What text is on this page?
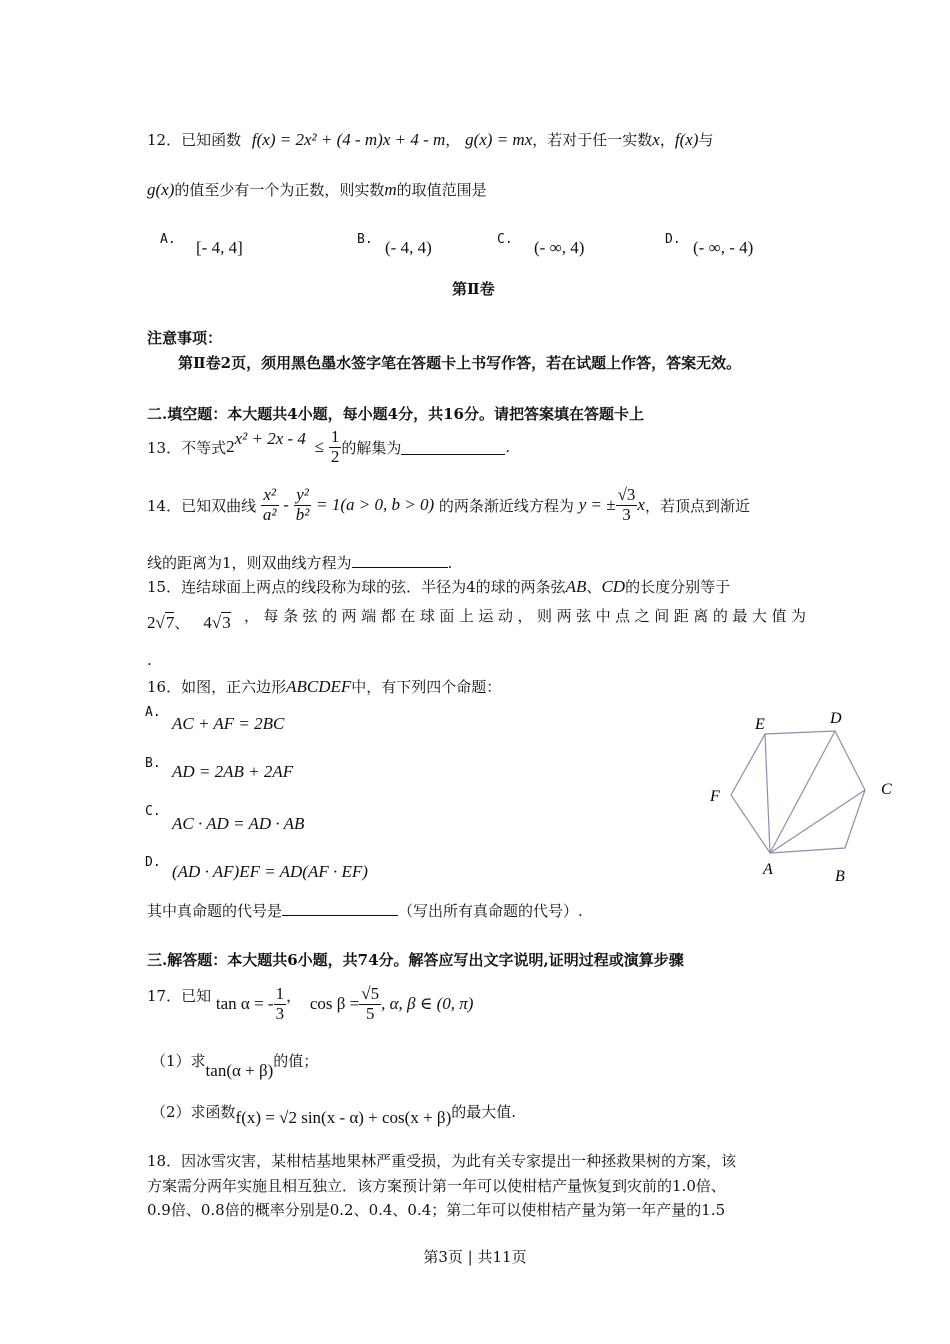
12．已知函数 f(x) = 2x² + (4 - m)x + 4 - m， g(x) = mx，若对于任一实数x，f(x)与
g(x)的值至少有一个为正数，则实数m的取值范围是
A. [- 4, 4]	B. (- 4, 4)	C. (- ∞, 4)	D. (- ∞, - 4)
第Ⅱ卷
注意事项：
第Ⅱ卷2页，须用黑色墨水签字笔在答题卡上书写作答，若在试题上作答，答案无效。
二.填空题：本大题共4小题，每小题4分，共16分。请把答案填在答题卡上
13．不等式$2^{x^2 + 2x - 4} \le \frac{1}{2}$ 的解集为	.
14．已知双曲线 $\frac{\text{x²}}{\text{a²}} - \frac{\text{y²}}{\text{b²}} = 1(a > 0$, b > 0) 的两条渐近线方程为 y = ± $\frac{√3}{3}$ x，若顶点到渐近
线的距离为1，则双曲线方程为	.
15．连结球面上两点的线段称为球的弦．半径为4的球的两条弦AB、CD的长度分别等于
2√7、 4√3 ，每条弦的两端都在球面上运动，则两弦中点之间距离的最大值为
.
16．如图，正六边形ABCDEF中，有下列四个命题：
A.
AC + AF = 2BC
B. AD = 2AB + 2AF
C.
AC · AD = AD · AB
D. (AD · AF)EF = AD(AF · EF)	A	B
C
D
E
F
其中真命题的代号是	（写出所有真命题的代号）.
三.解答题：本大题共6小题，共74分。解答应写出文字说明,证明过程或演算步骤
17．已知 tan α = - $\frac{1}{3}$ ， $\cos \beta = \frac{√5}{5}$ , α, β ∈ (0, π)
（1）求tan(α + β)的值；
（2）求函数f(x) = √2 sin(x - α) + cos(x + β)的最大值.
18．因冰雪灾害，某柑桔基地果林严重受损，为此有关专家提出一种拯救果树的方案，该
方案需分两年实施且相互独立．该方案预计第一年可以使柑桔产量恢复到灾前的1.0倍、
0.9倍、0.8倍的概率分别是0.2、0.4、0.4；第二年可以使柑桔产量为第一年产量的1.5
第3页 | 共11页
